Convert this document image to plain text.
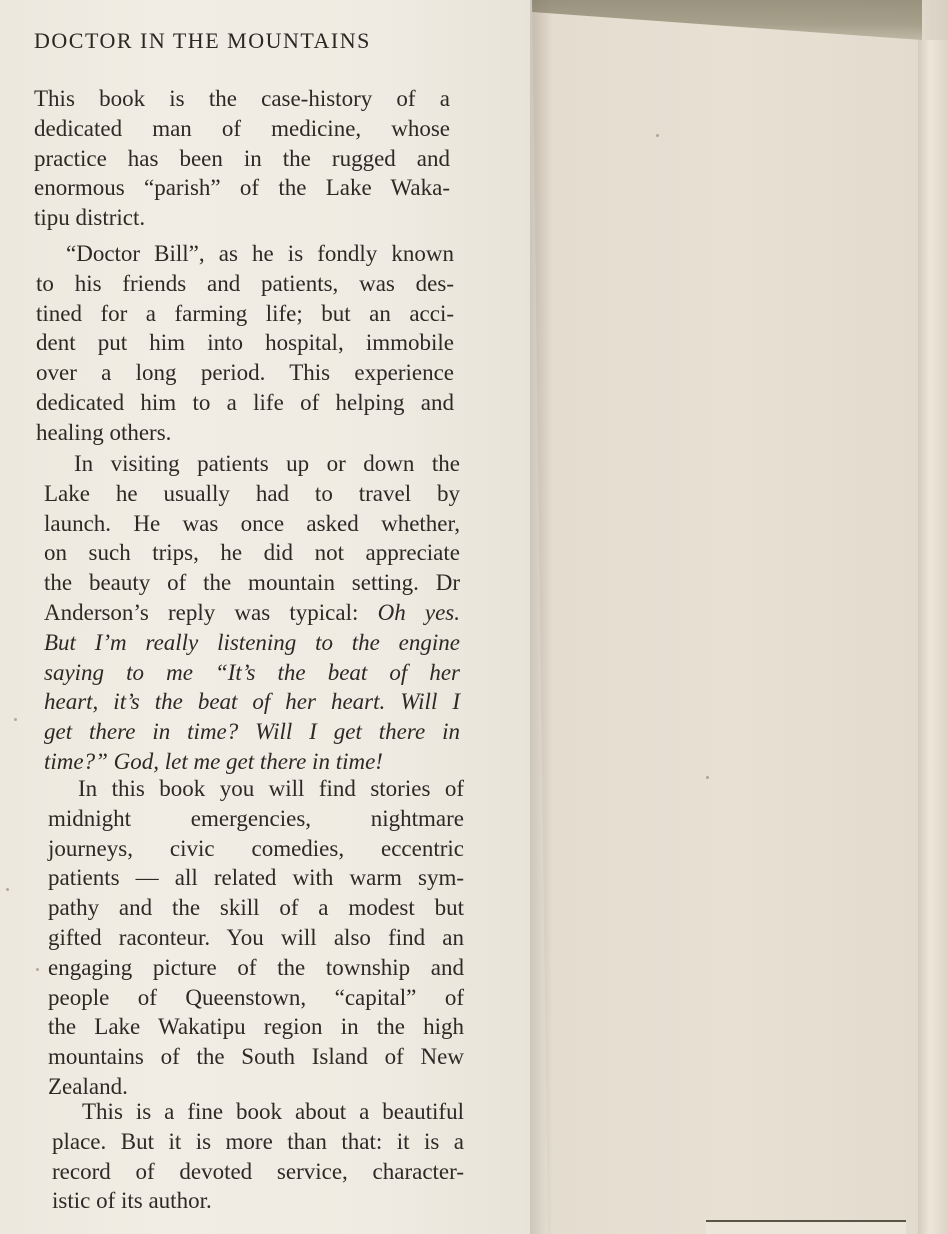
DOCTOR IN THE MOUNTAINS
This book is the case-history of a
dedicated man of medicine, whose
practice has been in the rugged and
enormous “parish” of the Lake Waka-
tipu district.
“Doctor Bill”, as he is fondly known
to his friends and patients, was des-
tined for a farming life; but an acci-
dent put him into hospital, immobile
over a long period. This experience
dedicated him to a life of helping and
healing others.
In visiting patients up or down the
Lake he usually had to travel by
launch. He was once asked whether,
on such trips, he did not appreciate
the beauty of the mountain setting. Dr
Anderson’s reply was typical: Oh yes.
But I’m really listening to the engine
saying to me “It’s the beat of her
heart, it’s the beat of her heart. Will I
get there in time? Will I get there in
time?” God, let me get there in time!
In this book you will find stories of
midnight emergencies, nightmare
journeys, civic comedies, eccentric
patients — all related with warm sym-
pathy and the skill of a modest but
gifted raconteur. You will also find an
engaging picture of the township and
people of Queenstown, “capital” of
the Lake Wakatipu region in the high
mountains of the South Island of New
Zealand.
This is a fine book about a beautiful
place. But it is more than that: it is a
record of devoted service, character-
istic of its author.
